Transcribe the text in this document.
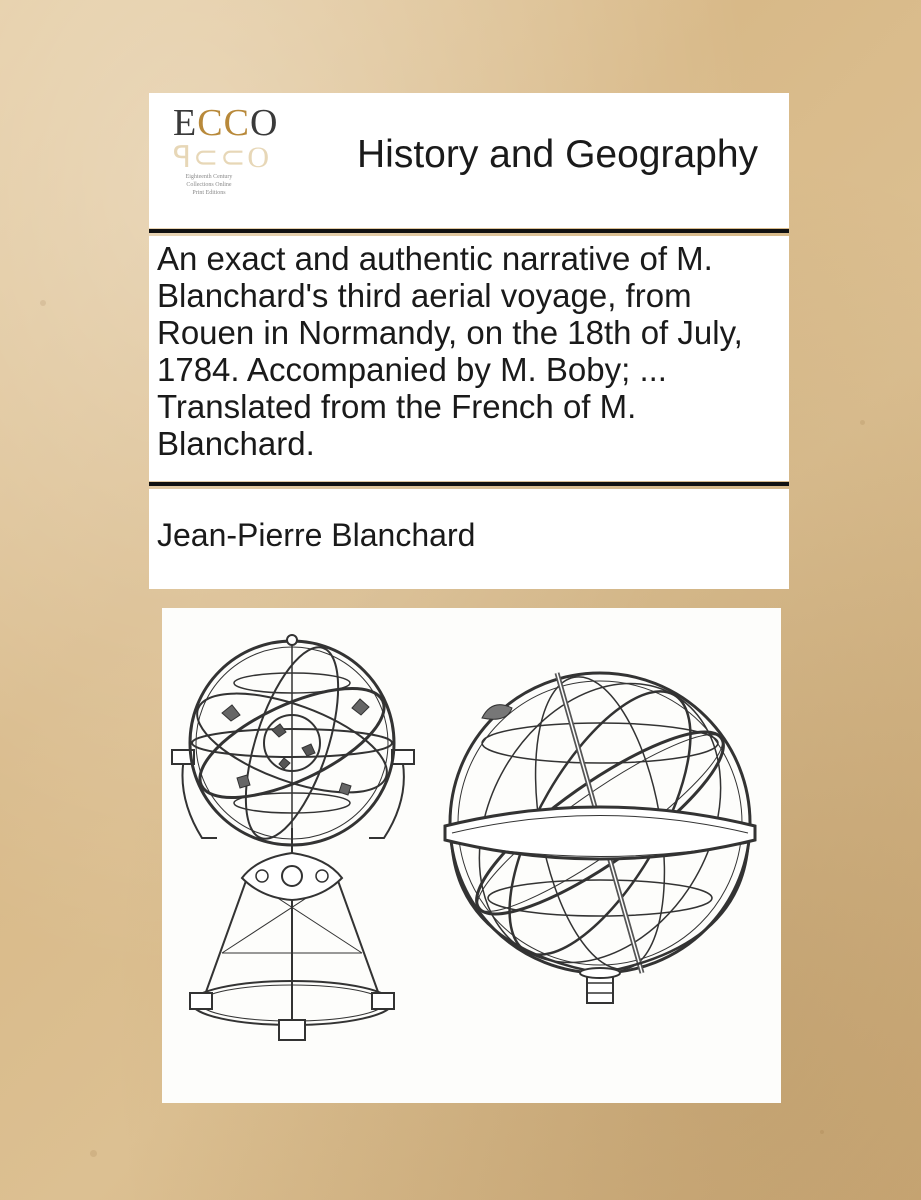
ECCO
ꟼ⊂⊂O
Eighteenth Century
Collections Online
Print Editions
History and Geography
An exact and authentic narrative of M. Blanchard's third aerial voyage, from Rouen in Normandy, on the 18th of July, 1784. Accompanied by M. Boby; ... Translated from the French of M. Blanchard.
Jean-Pierre Blanchard
